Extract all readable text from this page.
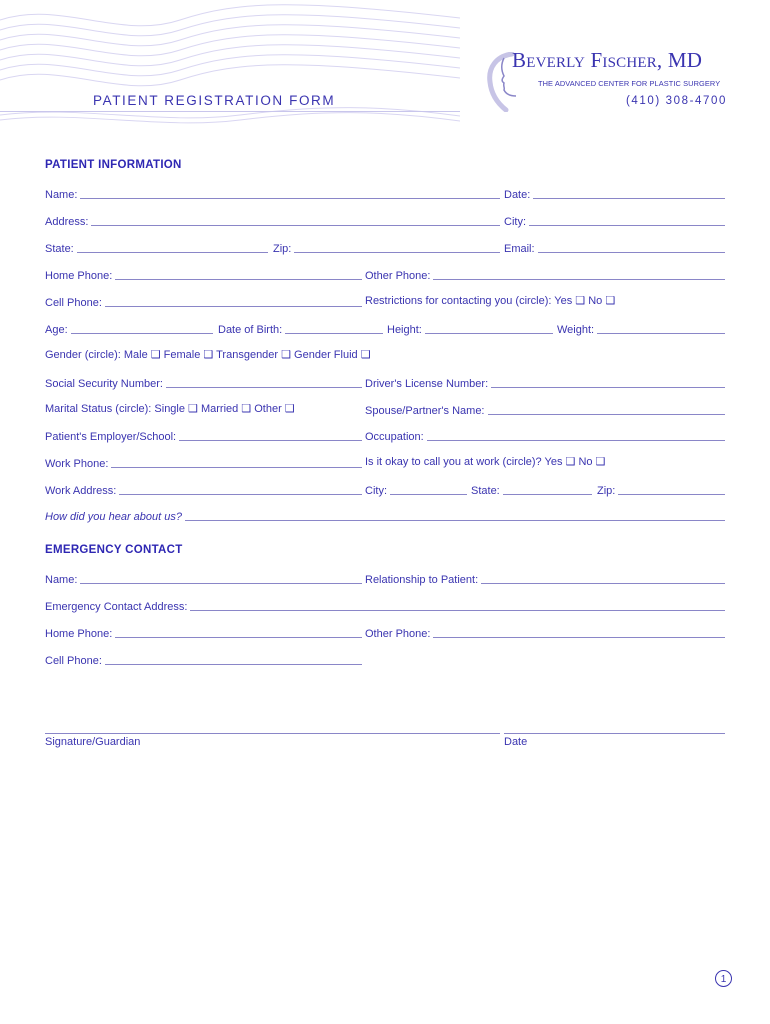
PATIENT REGISTRATION FORM
Beverly Fischer, MD
THE ADVANCED CENTER FOR PLASTIC SURGERY
(410) 308-4700
PATIENT INFORMATION
Name:	Date:
Address:	City:
State:	Zip:	Email:
Home Phone:	Other Phone:
Cell Phone:	Restrictions for contacting you (circle): Yes ❑ No ❑
Age:	Date of Birth:	Height:	Weight:
Gender (circle): Male ❑ Female ❑ Transgender ❑ Gender Fluid ❑
Social Security Number:	Driver's License Number:
Marital Status (circle): Single ❑ Married ❑ Other ❑	Spouse/Partner's Name:
Patient's Employer/School:	Occupation:
Work Phone:	Is it okay to call you at work (circle)? Yes ❑ No ❑
Work Address:	City:	State:	Zip:
How did you hear about us?
EMERGENCY CONTACT
Name:	Relationship to Patient:
Emergency Contact Address:
Home Phone:	Other Phone:
Cell Phone:
Signature/Guardian	Date
1
